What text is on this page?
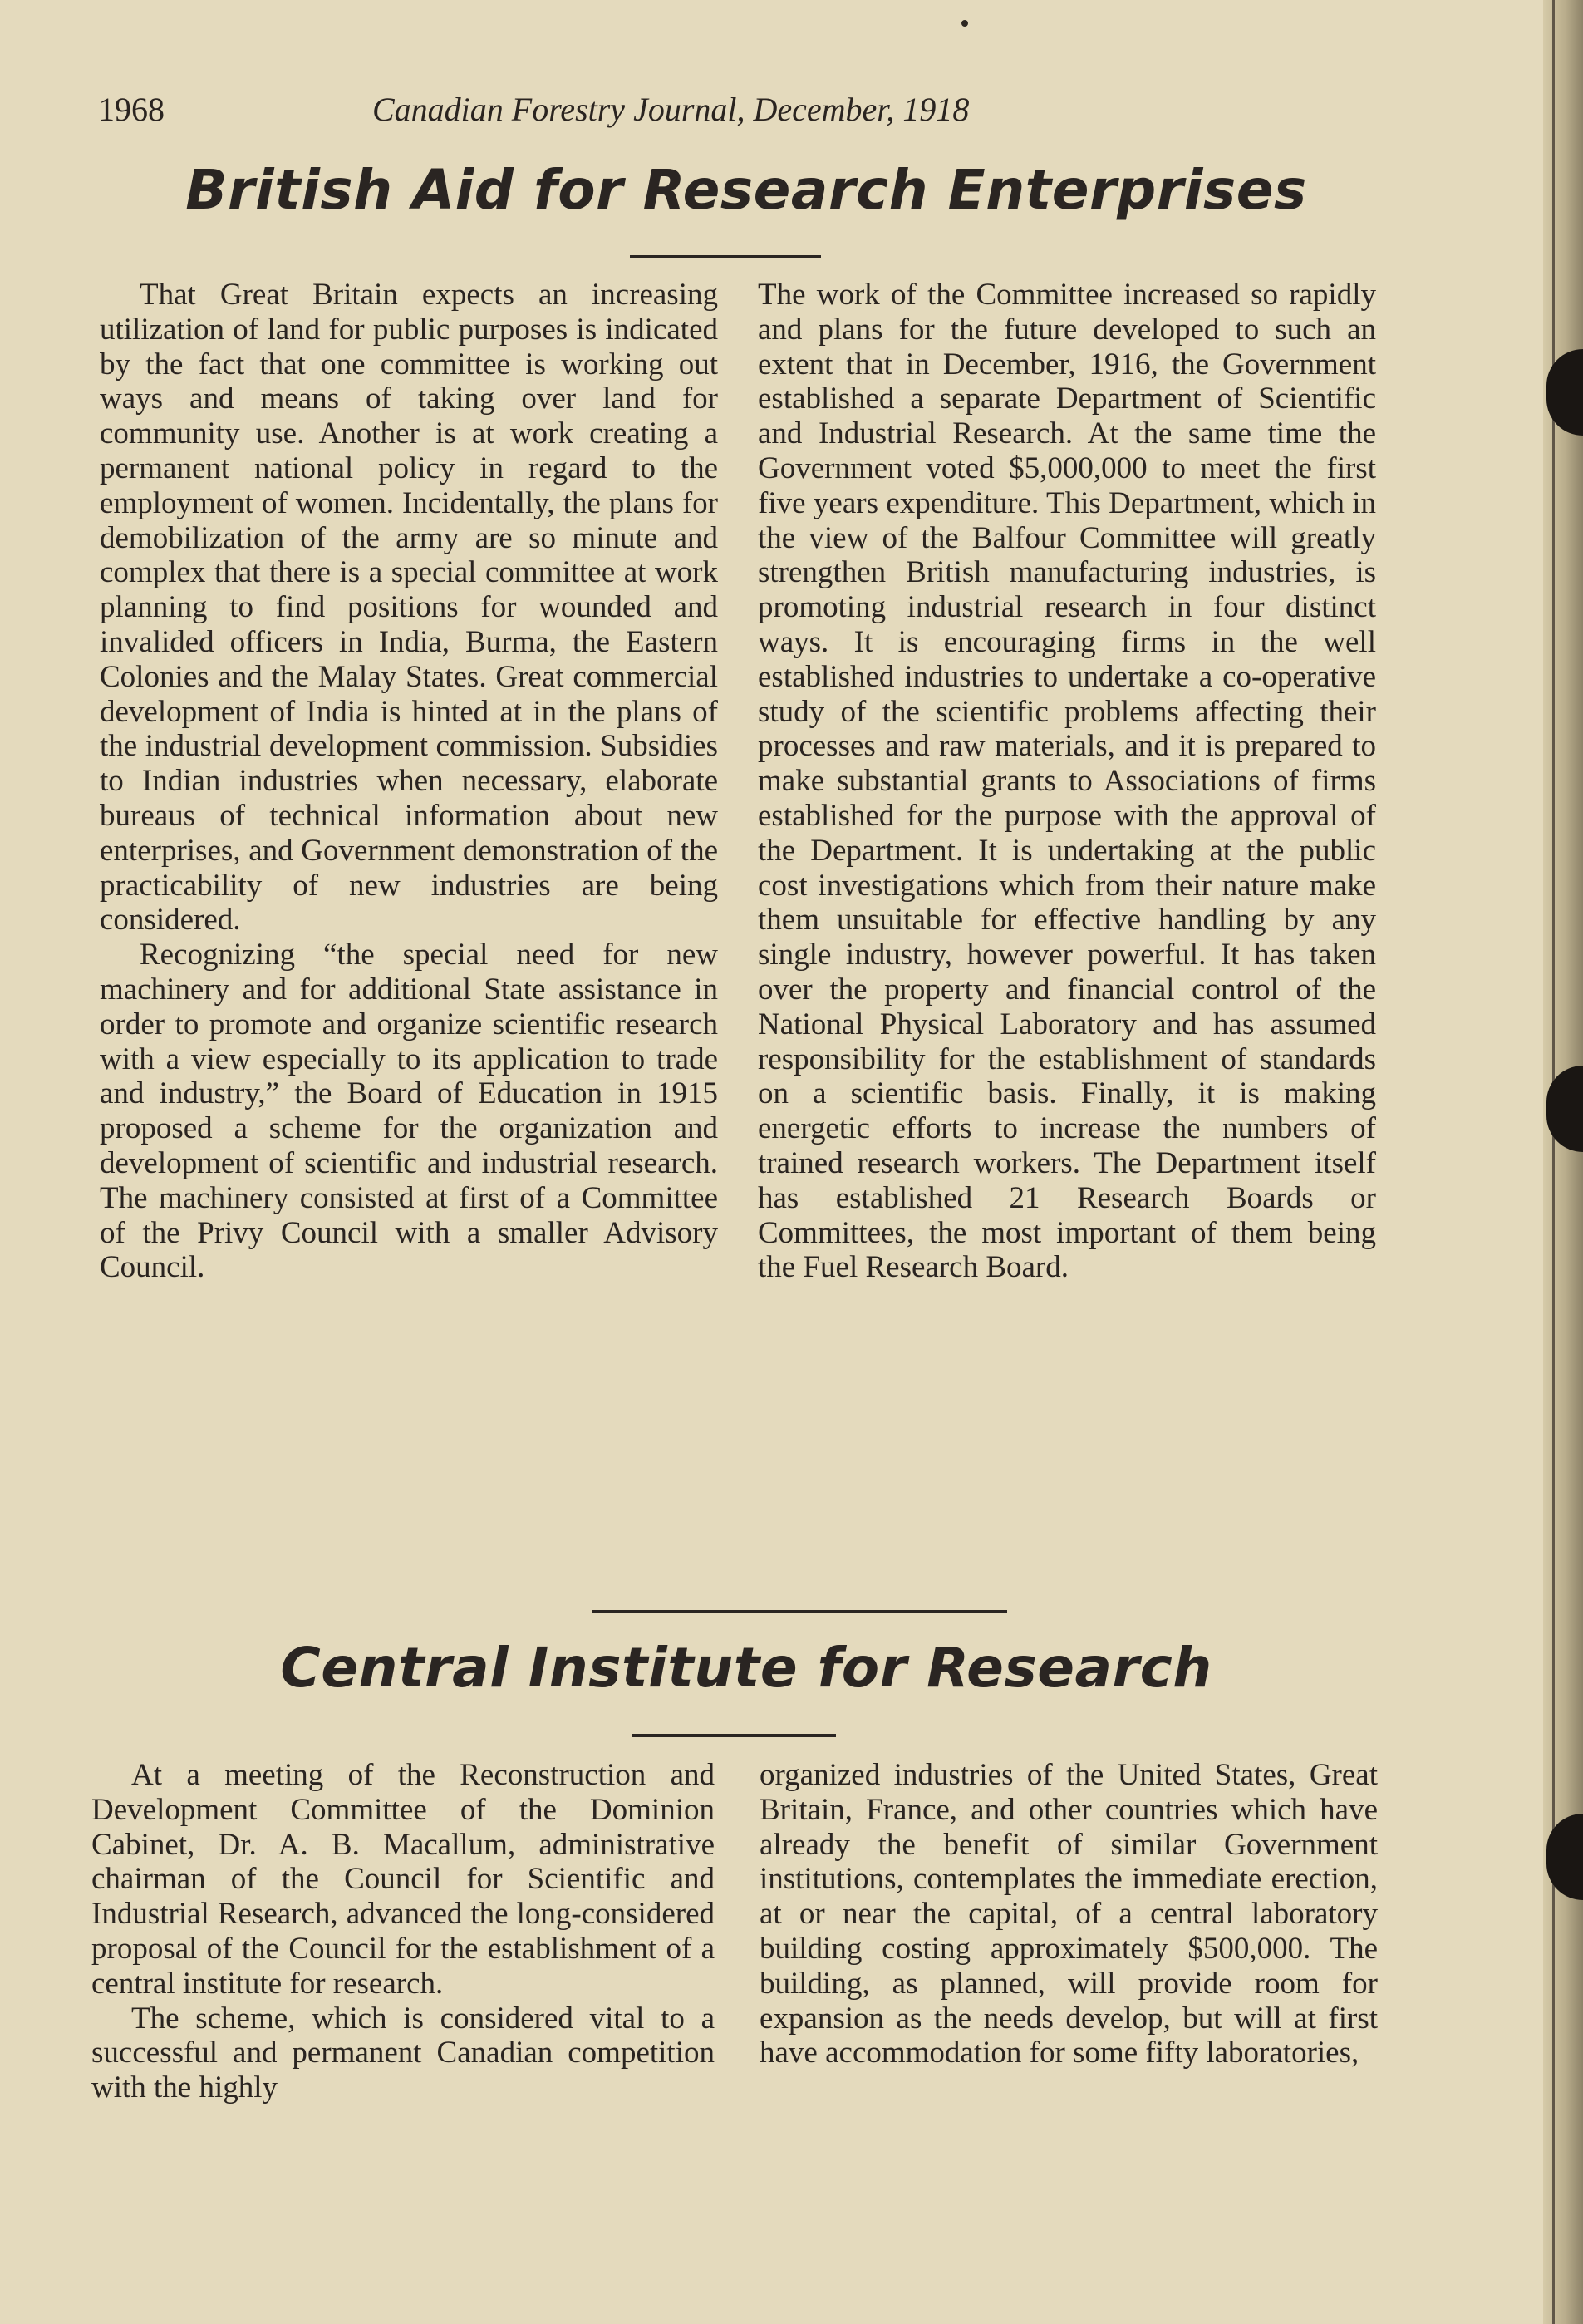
1968	Canadian Forestry Journal, December, 1918
British Aid for Research Enterprises

That Great Britain expects an increasing utilization of land for public purposes is indicated by the fact that one committee is working out ways and means of taking over land for community use. Another is at work creating a permanent national policy in regard to the employment of women. Incidentally, the plans for demobilization of the army are so minute and complex that there is a special committee at work planning to find positions for wounded and invalided officers in India, Burma, the Eastern Colonies and the Malay States. Great commercial development of India is hinted at in the plans of the industrial development commission. Subsidies to Indian industries when necessary, elaborate bureaus of technical information about new enterprises, and Government demonstration of the practicability of new industries are being considered.

Recognizing “the special need for new machinery and for additional State assistance in order to promote and organize scientific research with a view especially to its application to trade and industry,” the Board of Education in 1915 proposed a scheme for the organization and development of scientific and industrial research. The machinery consisted at first of a Committee of the Privy Council with a smaller Advisory Council.

The work of the Committee increased so rapidly and plans for the future developed to such an extent that in December, 1916, the Government established a separate Department of Scientific and Industrial Research. At the same time the Government voted $5,000,000 to meet the first five years expenditure. This Department, which in the view of the Balfour Committee will greatly strengthen British manufacturing industries, is promoting industrial research in four distinct ways. It is encouraging firms in the well established industries to undertake a co-operative study of the scientific problems affecting their processes and raw materials, and it is prepared to make substantial grants to Associations of firms established for the purpose with the approval of the Department. It is undertaking at the public cost investigations which from their nature make them unsuitable for effective handling by any single industry, however powerful. It has taken over the property and financial control of the National Physical Laboratory and has assumed responsibility for the establishment of standards on a scientific basis. Finally, it is making energetic efforts to increase the numbers of trained research workers. The Department itself has established 21 Research Boards or Committees, the most important of them being the Fuel Research Board.

Central Institute for Research

At a meeting of the Reconstruction and Development Committee of the Dominion Cabinet, Dr. A. B. Macallum, administrative chairman of the Council for Scientific and Industrial Research, advanced the long-considered proposal of the Council for the establishment of a central institute for research.

The scheme, which is considered vital to a successful and permanent Canadian competition with the highly

organized industries of the United States, Great Britain, France, and other countries which have already the benefit of similar Government institutions, contemplates the immediate erection, at or near the capital, of a central laboratory building costing approximately $500,000. The building, as planned, will provide room for expansion as the needs develop, but will at first have accommodation for some fifty laboratories,
